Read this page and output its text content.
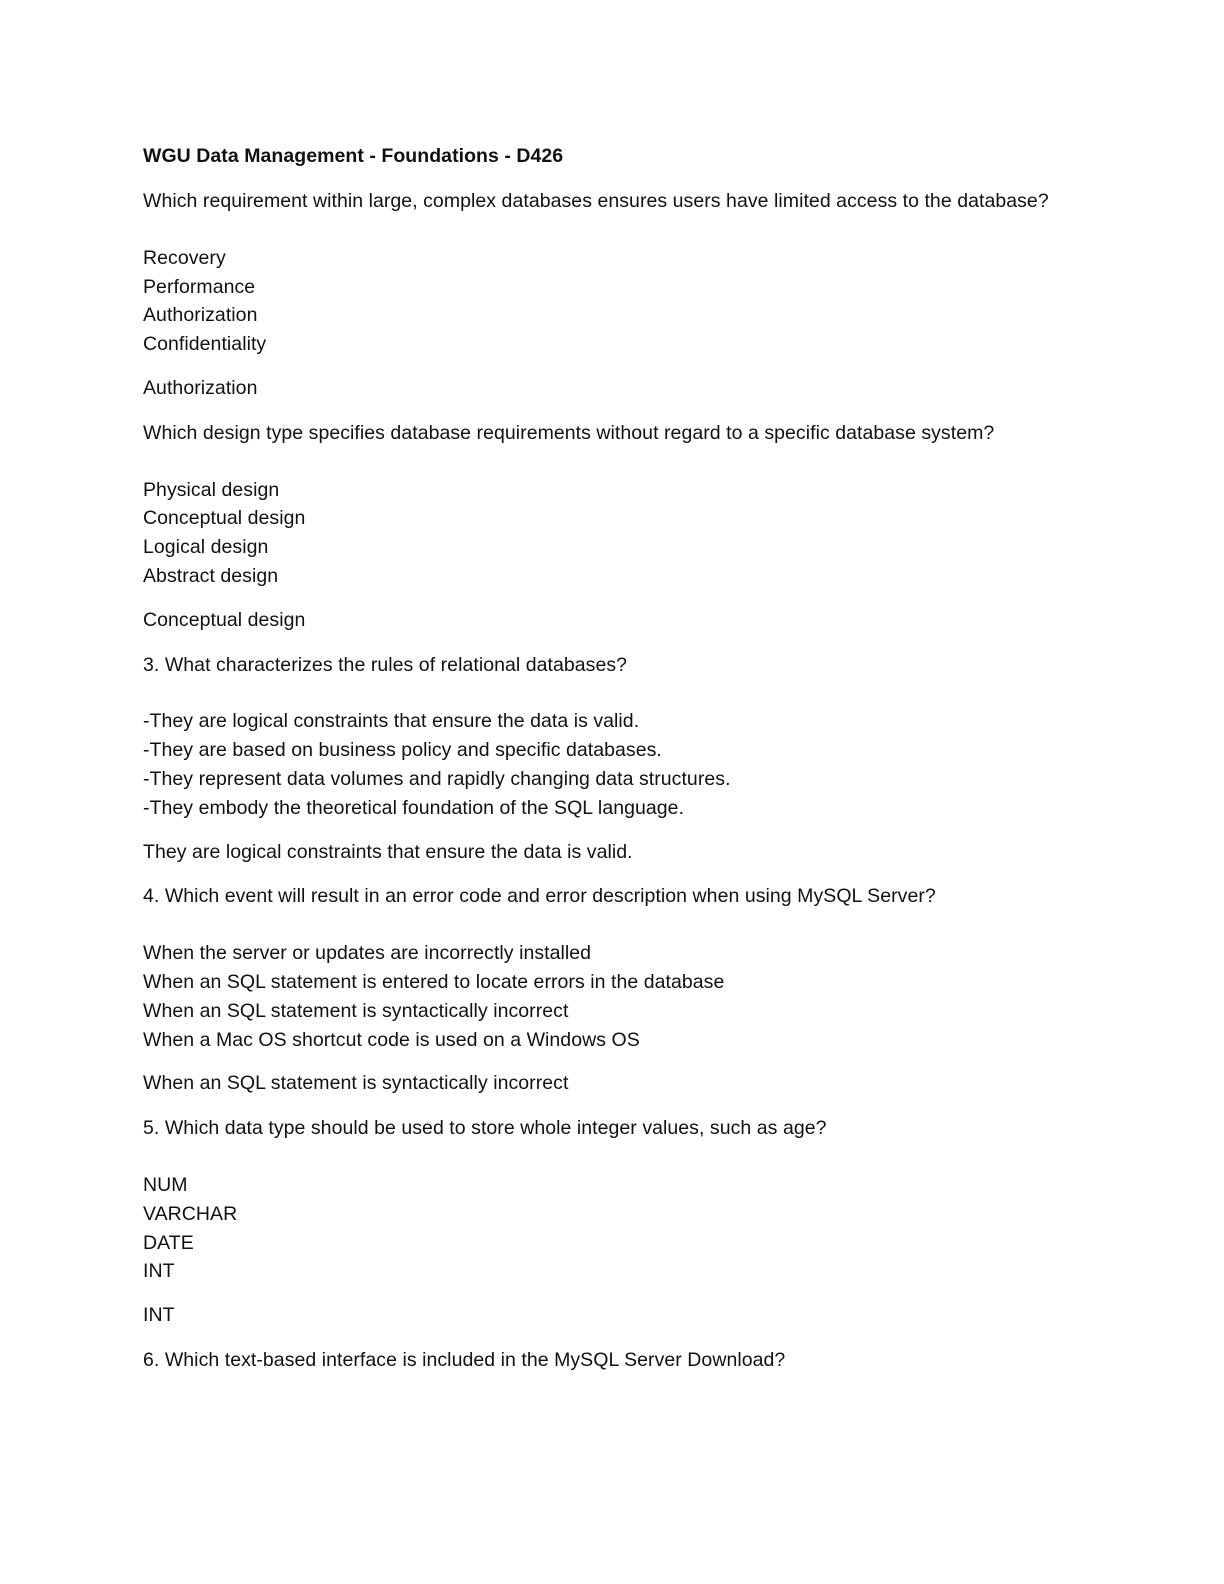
WGU Data Management - Foundations - D426

Which requirement within large, complex databases ensures users have limited access to the database?

Recovery
Performance
Authorization
Confidentiality

Authorization

Which design type specifies database requirements without regard to a specific database system?

Physical design
Conceptual design
Logical design
Abstract design

Conceptual design

3. What characterizes the rules of relational databases?

-They are logical constraints that ensure the data is valid.
-They are based on business policy and specific databases.
-They represent data volumes and rapidly changing data structures.
-They embody the theoretical foundation of the SQL language.

They are logical constraints that ensure the data is valid.

4. Which event will result in an error code and error description when using MySQL Server?

When the server or updates are incorrectly installed
When an SQL statement is entered to locate errors in the database
When an SQL statement is syntactically incorrect
When a Mac OS shortcut code is used on a Windows OS

When an SQL statement is syntactically incorrect

5. Which data type should be used to store whole integer values, such as age?

NUM
VARCHAR
DATE
INT

INT

6. Which text-based interface is included in the MySQL Server Download?
